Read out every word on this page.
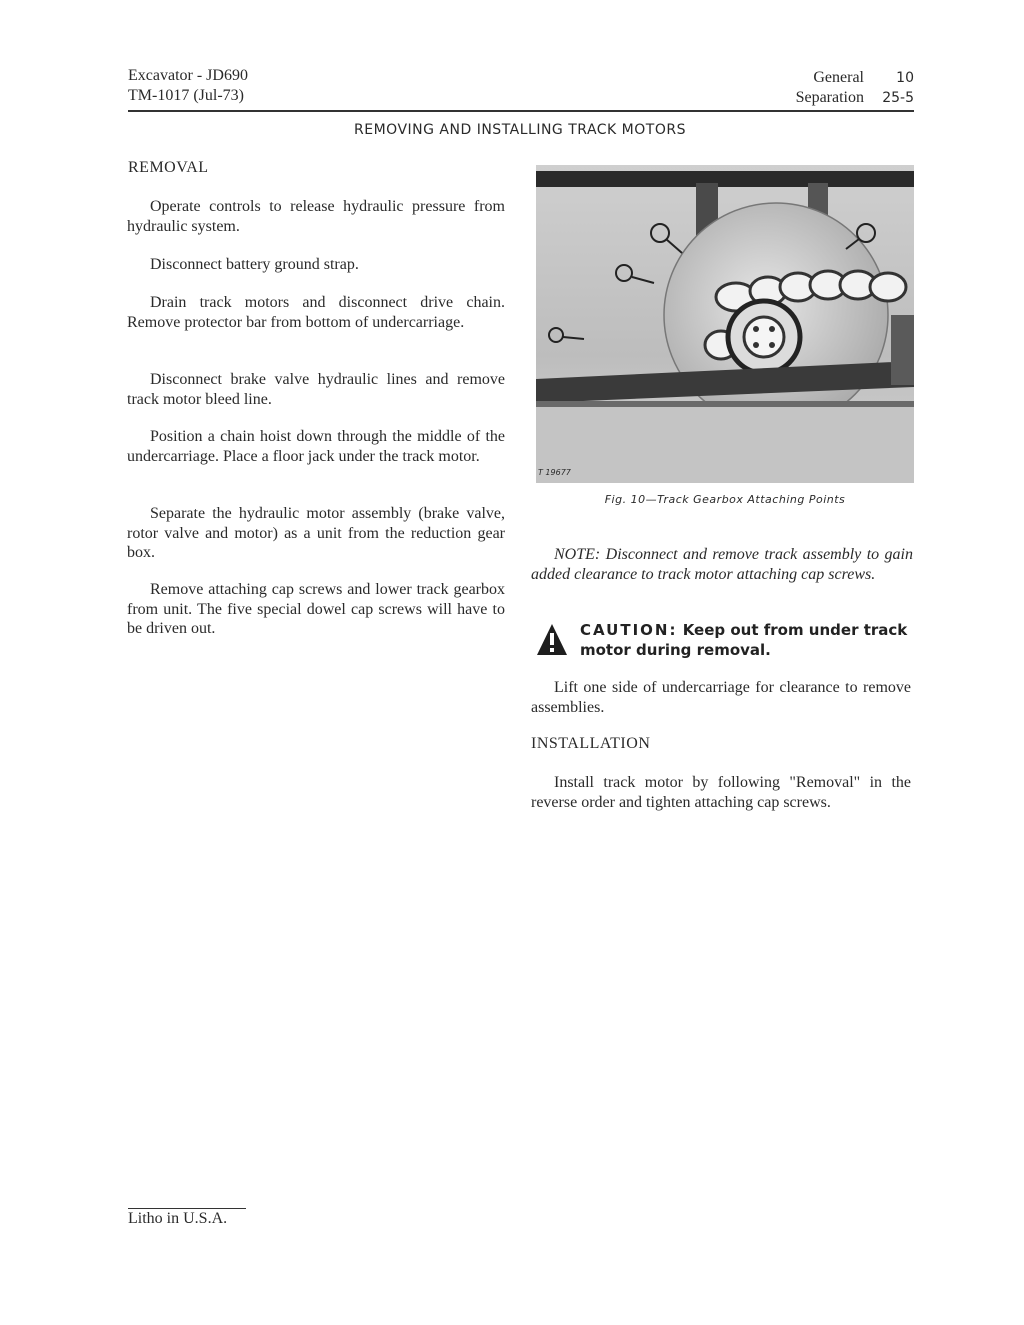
Excavator - JD690
TM-1017 (Jul-73)
General 10
Separation 25-5
REMOVING AND INSTALLING TRACK MOTORS
REMOVAL
Operate controls to release hydraulic pressure from hydraulic system.
Disconnect battery ground strap.
Drain track motors and disconnect drive chain. Remove protector bar from bottom of undercarriage.
Disconnect brake valve hydraulic lines and remove track motor bleed line.
Position a chain hoist down through the middle of the undercarriage. Place a floor jack under the track motor.
Separate the hydraulic motor assembly (brake valve, rotor valve and motor) as a unit from the reduction gear box.
Remove attaching cap screws and lower track gearbox from unit. The five special dowel cap screws will have to be driven out.
T 19677
Fig. 10—Track Gearbox Attaching Points
NOTE: Disconnect and remove track assembly to gain added clearance to track motor attaching cap screws.
CAUTION: Keep out from under track motor during removal.
Lift one side of undercarriage for clearance to remove assemblies.
INSTALLATION
Install track motor by following "Removal" in the reverse order and tighten attaching cap screws.
Litho in U.S.A.
